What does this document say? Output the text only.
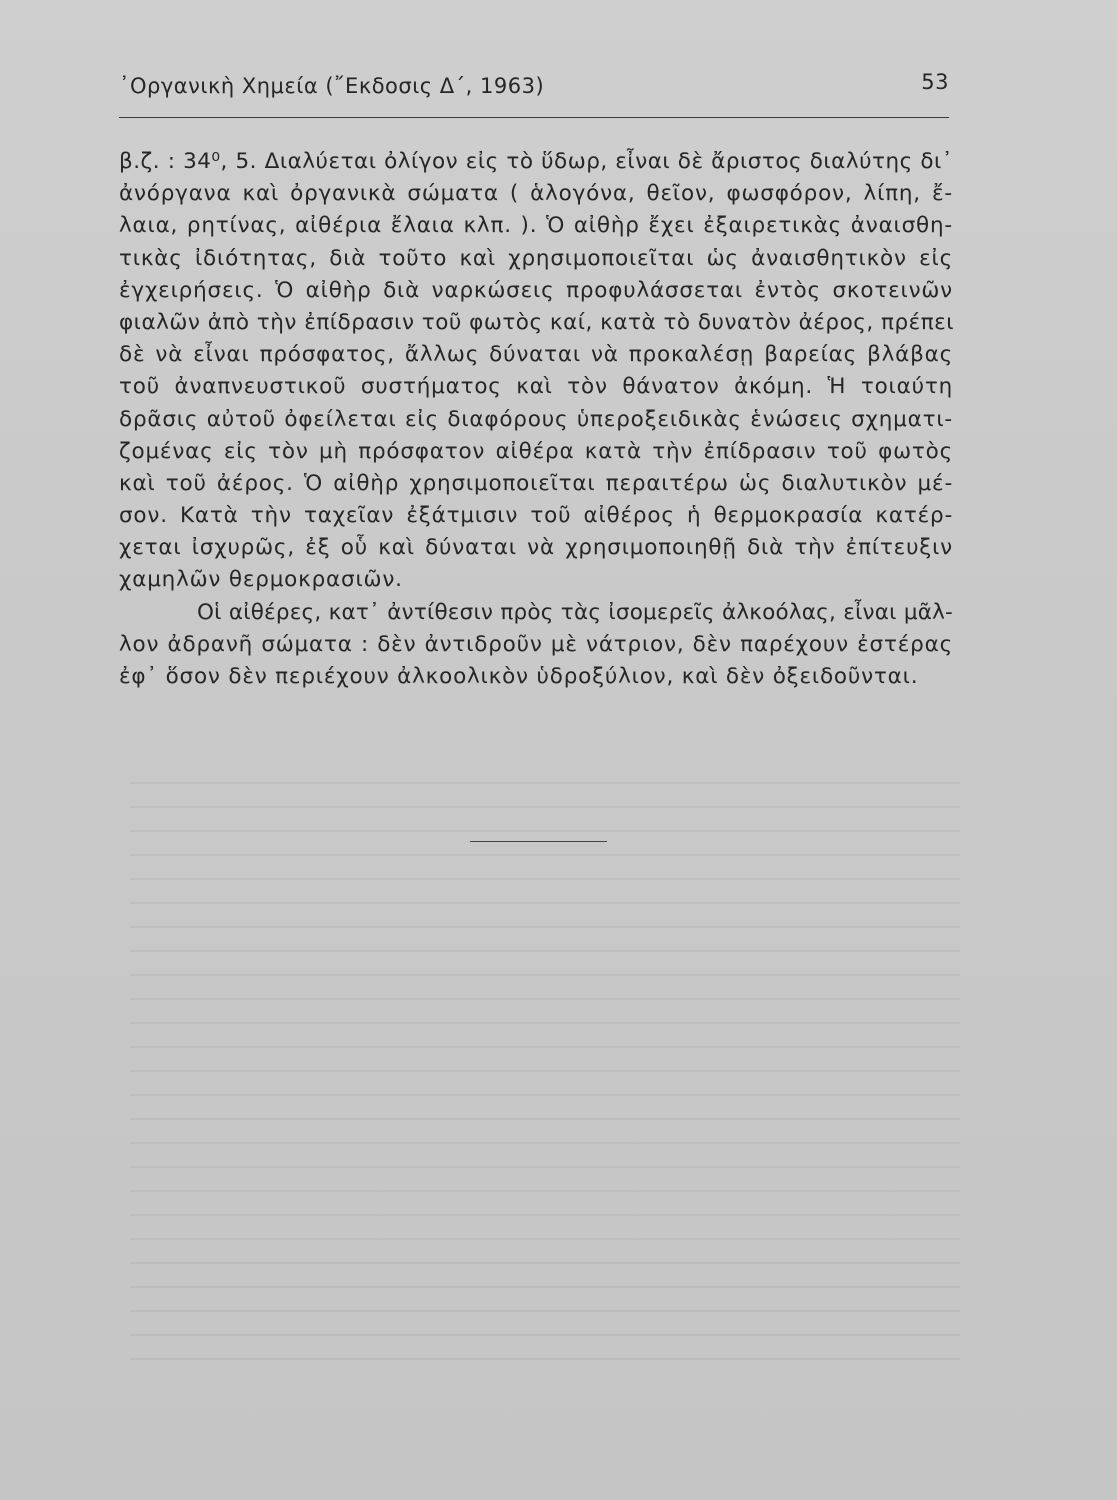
᾿Οργανικὴ Χημεία (῎Εκδοσις Δ΄, 1963)	53
β.ζ. : 34⁰, 5. Διαλύεται ὀλίγον εἰς τὸ ὕδωρ, εἶναι δὲ ἄριστος διαλύτης δι᾿
ἀνόργανα καὶ ὀργανικὰ σώματα ( ἁλογόνα, θεῖον, φωσφόρον, λίπη, ἔ-
λαια, ρητίνας, αἰθέρια ἔλαια κλπ. ). Ὁ αἰθὴρ ἔχει ἐξαιρετικὰς ἀναισθη-
τικὰς ἰδιότητας, διὰ τοῦτο καὶ χρησιμοποιεῖται ὡς ἀναισθητικὸν εἰς
ἐγχειρήσεις. Ὁ αἰθὴρ διὰ ναρκώσεις προφυλάσσεται ἐντὸς σκοτεινῶν
φιαλῶν ἀπὸ τὴν ἐπίδρασιν τοῦ φωτὸς καί, κατὰ τὸ δυνατὸν ἀέρος, πρέπει
δὲ νὰ εἶναι πρόσφατος, ἄλλως δύναται νὰ προκαλέσῃ βαρείας βλάβας
τοῦ ἀναπνευστικοῦ συστήματος καὶ τὸν θάνατον ἀκόμη. Ἡ τοιαύτη
δρᾶσις αὐτοῦ ὀφείλεται εἰς διαφόρους ὑπεροξειδικὰς ἑνώσεις σχηματι-
ζομένας εἰς τὸν μὴ πρόσφατον αἰθέρα κατὰ τὴν ἐπίδρασιν τοῦ φωτὸς
καὶ τοῦ ἀέρος. Ὁ αἰθὴρ χρησιμοποιεῖται περαιτέρω ὡς διαλυτικὸν μέ-
σον. Κατὰ τὴν ταχεῖαν ἐξάτμισιν τοῦ αἰθέρος ἡ θερμοκρασία κατέρ-
χεται ἰσχυρῶς, ἐξ οὗ καὶ δύναται νὰ χρησιμοποιηθῇ διὰ τὴν ἐπίτευξιν
χαμηλῶν θερμοκρασιῶν.
Οἱ αἰθέρες, κατ᾿ ἀντίθεσιν πρὸς τὰς ἰσομερεῖς ἀλκοόλας, εἶναι μᾶλ-
λον ἀδρανῆ σώματα : δὲν ἀντιδροῦν μὲ νάτριον, δὲν παρέχουν ἐστέρας
ἐφ᾿ ὅσον δὲν περιέχουν ἀλκοολικὸν ὑδροξύλιον, καὶ δὲν ὀξειδοῦνται.
